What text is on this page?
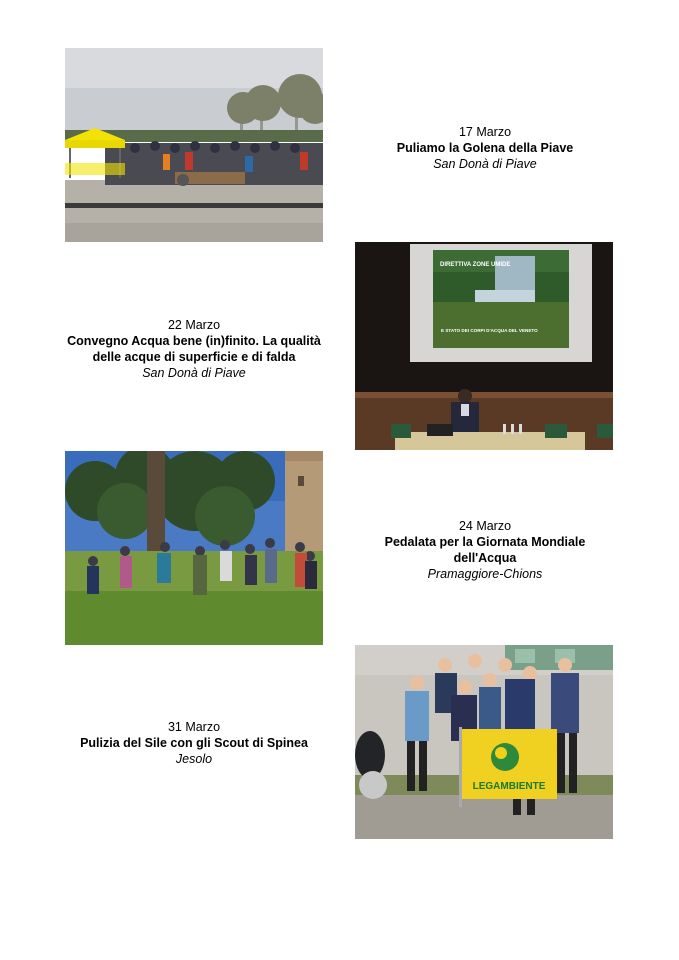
17 Marzo
Puliamo la Golena della Piave
San Donà di Piave
DIRETTIVA ZONE UMIDE
E STATO DEI CORPI D'ACQUA DEL VENETO
22 Marzo
Convegno Acqua bene (in)finito. La qualità
delle acque di superficie e di falda
San Donà di Piave
24 Marzo
Pedalata per la Giornata Mondiale
dell'Acqua
Pramaggiore-Chions
LEGAMBIENTE
31 Marzo
Pulizia del Sile con gli Scout di Spinea
Jesolo
